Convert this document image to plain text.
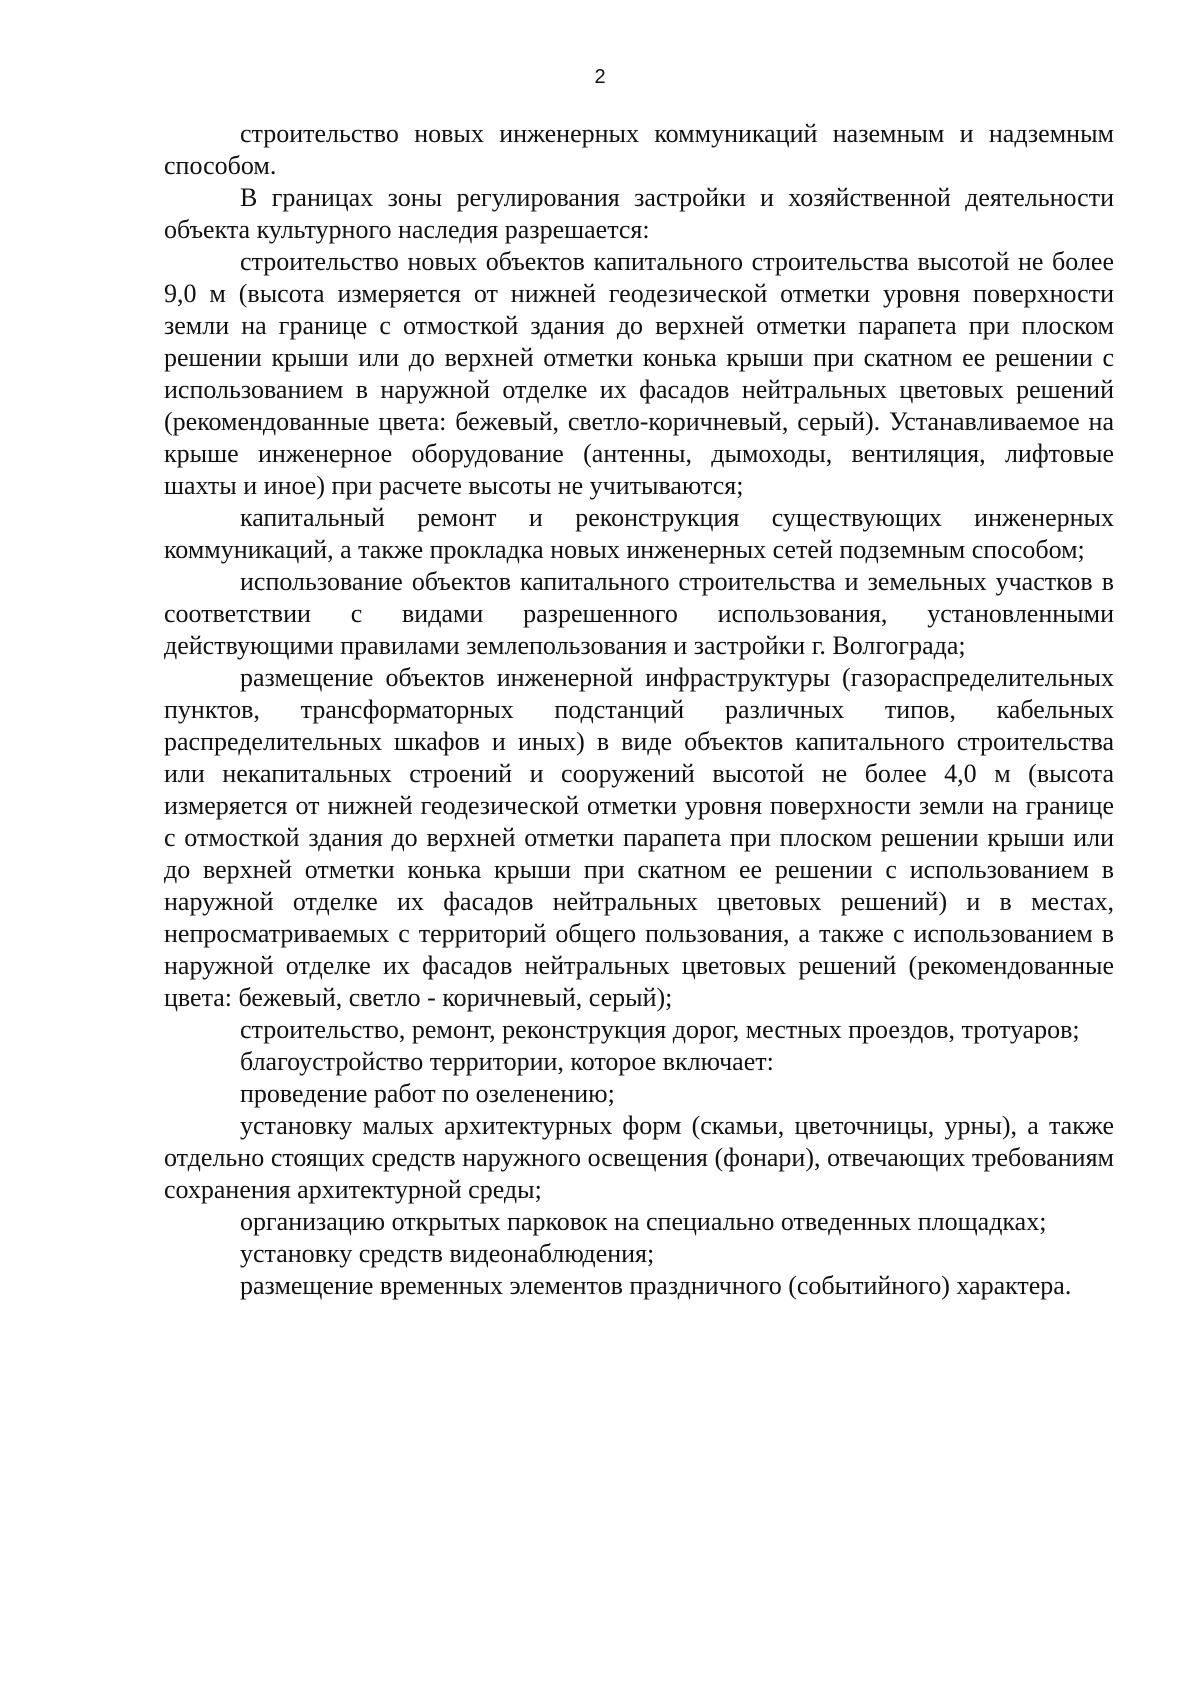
2

строительство новых инженерных коммуникаций наземным и надземным способом.

В границах зоны регулирования застройки и хозяйственной деятельности объекта культурного наследия разрешается:

строительство новых объектов капитального строительства высотой не более 9,0 м (высота измеряется от нижней геодезической отметки уровня поверхности земли на границе с отмосткой здания до верхней отметки парапета при плоском решении крыши или до верхней отметки конька крыши при скатном ее решении с использованием в наружной отделке их фасадов нейтральных цветовых решений (рекомендованные цвета: бежевый, светло-коричневый, серый). Устанавливаемое на крыше инженерное оборудование (антенны, дымоходы, вентиляция, лифтовые шахты и иное) при расчете высоты не учитываются;

капитальный ремонт и реконструкция существующих инженерных коммуникаций, а также прокладка новых инженерных сетей подземным способом;

использование объектов капитального строительства и земельных участков в соответствии с видами разрешенного использования, установленными действующими правилами землепользования и застройки г. Волгограда;

размещение объектов инженерной инфраструктуры (газораспределительных пунктов, трансформаторных подстанций различных типов, кабельных распределительных шкафов и иных) в виде объектов капитального строительства или некапитальных строений и сооружений высотой не более 4,0 м (высота измеряется от нижней геодезической отметки уровня поверхности земли на границе с отмосткой здания до верхней отметки парапета при плоском решении крыши или до верхней отметки конька крыши при скатном ее решении с использованием в наружной отделке их фасадов нейтральных цветовых решений) и в местах, непросматриваемых с территорий общего пользования, а также с использованием в наружной отделке их фасадов нейтральных цветовых решений (рекомендованные цвета: бежевый, светло - коричневый, серый);

строительство, ремонт, реконструкция дорог, местных проездов, тротуаров;

благоустройство территории, которое включает:

проведение работ по озеленению;

установку малых архитектурных форм (скамьи, цветочницы, урны), а также отдельно стоящих средств наружного освещения (фонари), отвечающих требованиям сохранения архитектурной среды;

организацию открытых парковок на специально отведенных площадках;

установку средств видеонаблюдения;

размещение временных элементов праздничного (событийного) характера.
